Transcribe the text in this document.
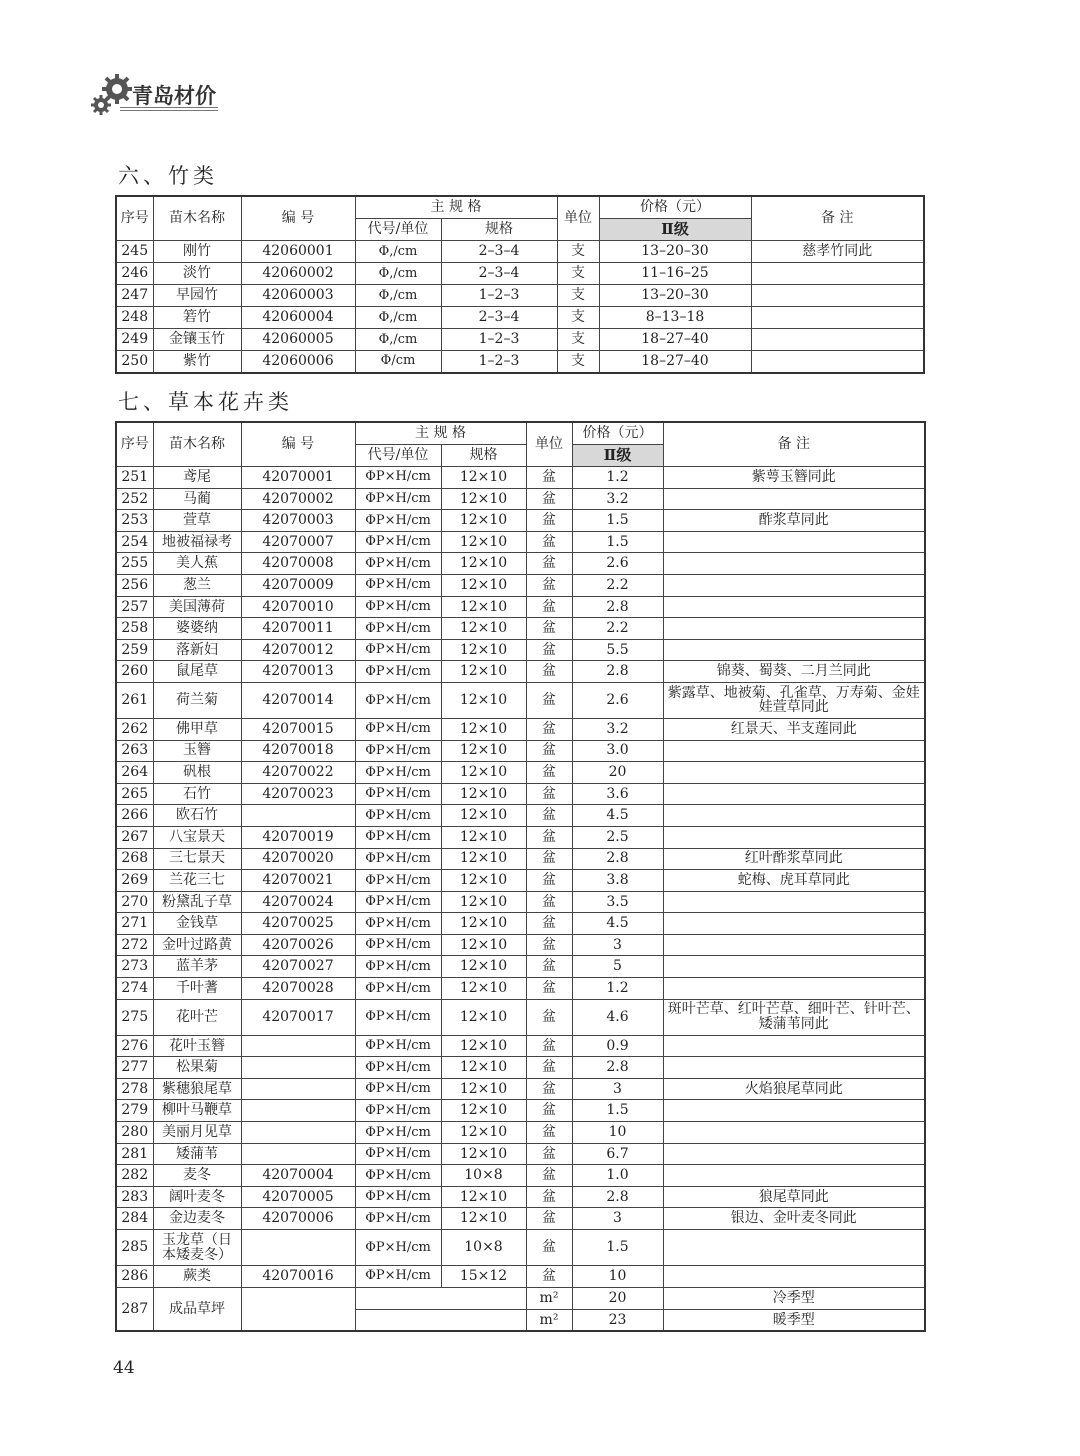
青岛材价
六、竹类
序号	苗木名称	编 号	主 规 格		单位	价格（元）	备 注
			代号/单位	规格		Ⅱ级	
245	刚竹	42060001	Φ,/cm	2–3–4	支	13–20–30	慈孝竹同此
246	淡竹	42060002	Φ,/cm	2–3–4	支	11–16–25	
247	早园竹	42060003	Φ,/cm	1–2–3	支	13–20–30	
248	箬竹	42060004	Φ,/cm	2–3–4	支	8–13–18	
249	金镶玉竹	42060005	Φ,/cm	1–2–3	支	18–27–40	
250	紫竹	42060006	Φ/cm	1–2–3	支	18–27–40	
七、草本花卉类
序号	苗木名称	编 号	主 规 格		单位	价格（元）	备 注
			代号/单位	规格		Ⅱ级	
251	鸢尾	42070001	ΦP×H/cm	12×10	盆	1.2	紫萼玉簪同此
252	马蔺	42070002	ΦP×H/cm	12×10	盆	3.2	
253	萱草	42070003	ΦP×H/cm	12×10	盆	1.5	酢浆草同此
254	地被福禄考	42070007	ΦP×H/cm	12×10	盆	1.5	
255	美人蕉	42070008	ΦP×H/cm	12×10	盆	2.6	
256	葱兰	42070009	ΦP×H/cm	12×10	盆	2.2	
257	美国薄荷	42070010	ΦP×H/cm	12×10	盆	2.8	
258	婆婆纳	42070011	ΦP×H/cm	12×10	盆	2.2	
259	落新妇	42070012	ΦP×H/cm	12×10	盆	5.5	
260	鼠尾草	42070013	ΦP×H/cm	12×10	盆	2.8	锦葵、蜀葵、二月兰同此
261	荷兰菊	42070014	ΦP×H/cm	12×10	盆	2.6	紫露草、地被菊、孔雀草、万寿菊、金娃娃萱草同此
262	佛甲草	42070015	ΦP×H/cm	12×10	盆	3.2	红景天、半支莲同此
263	玉簪	42070018	ΦP×H/cm	12×10	盆	3.0	
264	矾根	42070022	ΦP×H/cm	12×10	盆	20	
265	石竹	42070023	ΦP×H/cm	12×10	盆	3.6	
266	欧石竹		ΦP×H/cm	12×10	盆	4.5	
267	八宝景天	42070019	ΦP×H/cm	12×10	盆	2.5	
268	三七景天	42070020	ΦP×H/cm	12×10	盆	2.8	红叶酢浆草同此
269	兰花三七	42070021	ΦP×H/cm	12×10	盆	3.8	蛇梅、虎耳草同此
270	粉黛乱子草	42070024	ΦP×H/cm	12×10	盆	3.5	
271	金钱草	42070025	ΦP×H/cm	12×10	盆	4.5	
272	金叶过路黄	42070026	ΦP×H/cm	12×10	盆	3	
273	蓝羊茅	42070027	ΦP×H/cm	12×10	盆	5	
274	千叶蓍	42070028	ΦP×H/cm	12×10	盆	1.2	
275	花叶芒	42070017	ΦP×H/cm	12×10	盆	4.6	斑叶芒草、红叶芒草、细叶芒、针叶芒、矮蒲苇同此
276	花叶玉簪		ΦP×H/cm	12×10	盆	0.9	
277	松果菊		ΦP×H/cm	12×10	盆	2.8	
278	紫穗狼尾草		ΦP×H/cm	12×10	盆	3	火焰狼尾草同此
279	柳叶马鞭草		ΦP×H/cm	12×10	盆	1.5	
280	美丽月见草		ΦP×H/cm	12×10	盆	10	
281	矮蒲苇		ΦP×H/cm	12×10	盆	6.7	
282	麦冬	42070004	ΦP×H/cm	10×8	盆	1.0	
283	阔叶麦冬	42070005	ΦP×H/cm	12×10	盆	2.8	狼尾草同此
284	金边麦冬	42070006	ΦP×H/cm	12×10	盆	3	银边、金叶麦冬同此
285	玉龙草（日本矮麦冬）		ΦP×H/cm	10×8	盆	1.5	
286	蕨类	42070016	ΦP×H/cm	15×12	盆	10	
287	成品草坪				m²	20	冷季型
					m²	23	暖季型
44
